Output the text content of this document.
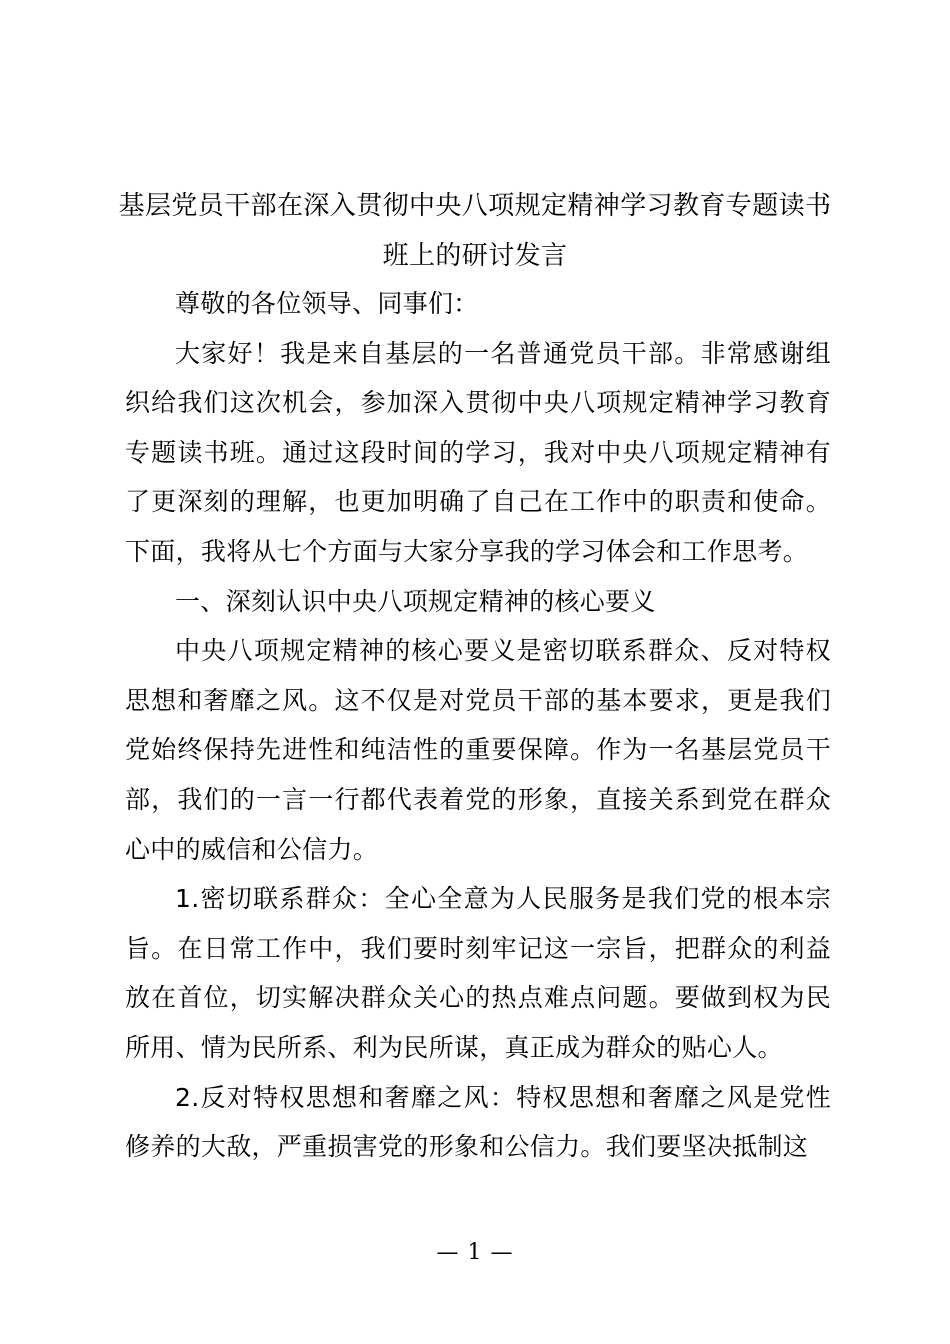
基层党员干部在深入贯彻中央八项规定精神学习教育专题读书
班上的研讨发言

尊敬的各位领导、同事们：

大家好！我是来自基层的一名普通党员干部。非常感谢组织给我们这次机会，参加深入贯彻中央八项规定精神学习教育专题读书班。通过这段时间的学习，我对中央八项规定精神有了更深刻的理解，也更加明确了自己在工作中的职责和使命。下面，我将从七个方面与大家分享我的学习体会和工作思考。

一、深刻认识中央八项规定精神的核心要义

中央八项规定精神的核心要义是密切联系群众、反对特权思想和奢靡之风。这不仅是对党员干部的基本要求，更是我们党始终保持先进性和纯洁性的重要保障。作为一名基层党员干部，我们的一言一行都代表着党的形象，直接关系到党在群众心中的威信和公信力。

1.密切联系群众：全心全意为人民服务是我们党的根本宗旨。在日常工作中，我们要时刻牢记这一宗旨，把群众的利益放在首位，切实解决群众关心的热点难点问题。要做到权为民所用、情为民所系、利为民所谋，真正成为群众的贴心人。

2.反对特权思想和奢靡之风：特权思想和奢靡之风是党性修养的大敌，严重损害党的形象和公信力。我们要坚决抵制这

— 1 —
